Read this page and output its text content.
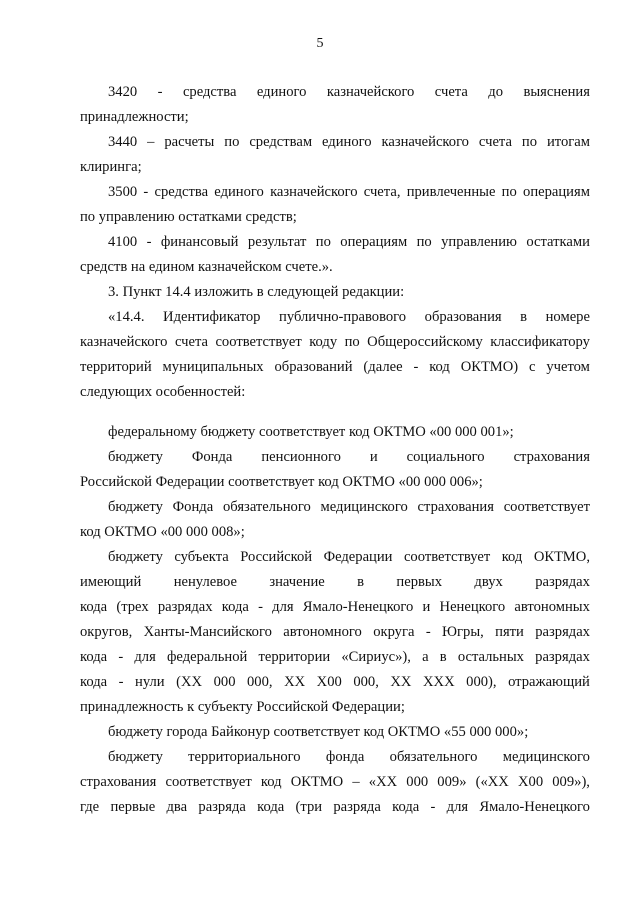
5
3420 - средства единого казначейского счета до выяснения
принадлежности;
3440 – расчеты по средствам единого казначейского счета по итогам
клиринга;
3500 - средства единого казначейского счета, привлеченные по операциям
по управлению остатками средств;
4100 - финансовый результат по операциям по управлению остатками
средств на едином казначейском счете.».
3. Пункт 14.4 изложить в следующей редакции:
«14.4. Идентификатор публично-правового образования в номере
казначейского счета соответствует коду по Общероссийскому классификатору
территорий муниципальных образований (далее - код ОКТМО) с учетом
следующих особенностей:
федеральному бюджету соответствует код ОКТМО «00 000 001»;
бюджету Фонда пенсионного и социального страхования
Российской Федерации соответствует код ОКТМО «00 000 006»;
бюджету Фонда обязательного медицинского страхования соответствует
код ОКТМО «00 000 008»;
бюджету субъекта Российской Федерации соответствует код ОКТМО,
имеющий ненулевое значение в первых двух разрядах
кода (трех разрядах кода - для Ямало-Ненецкого и Ненецкого автономных
округов, Ханты-Мансийского автономного округа - Югры, пяти разрядах
кода - для федеральной территории «Сириус»), а в остальных разрядах
кода - нули (ХХ 000 000, ХХ Х00 000, ХХ ХХХ 000), отражающий
принадлежность к субъекту Российской Федерации;
бюджету города Байконур соответствует код ОКТМО «55 000 000»;
бюджету территориального фонда обязательного медицинского
страхования соответствует код ОКТМО – «ХХ 000 009» («ХХ Х00 009»),
где первые два разряда кода (три разряда кода - для Ямало-Ненецкого
